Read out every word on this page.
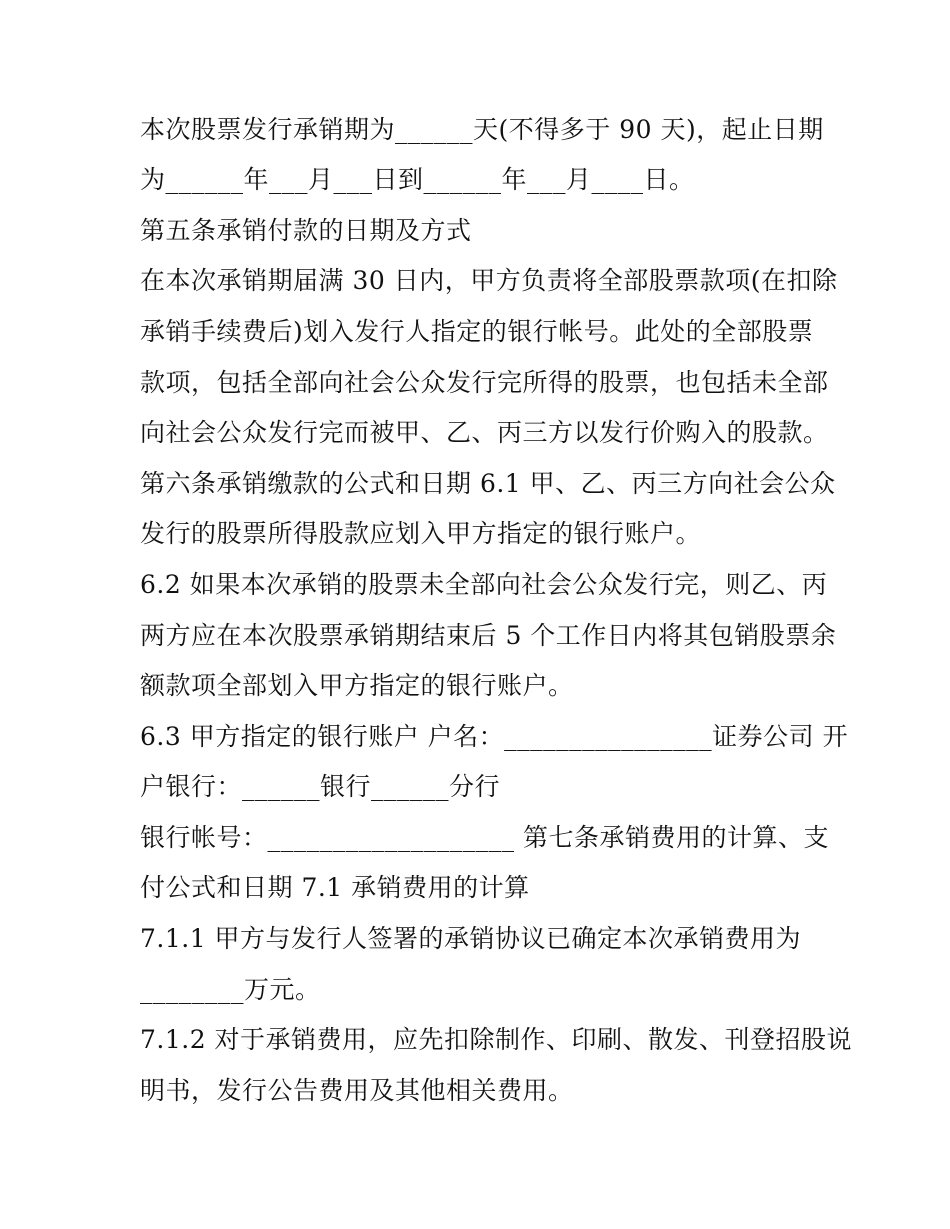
本次股票发行承销期为______天(不得多于 90 天)，起止日期
为______年___月___日到______年___月____日。
第五条承销付款的日期及方式
在本次承销期届满 30 日内，甲方负责将全部股票款项(在扣除
承销手续费后)划入发行人指定的银行帐号。此处的全部股票
款项，包括全部向社会公众发行完所得的股票，也包括未全部
向社会公众发行完而被甲、乙、丙三方以发行价购入的股款。
第六条承销缴款的公式和日期 6.1 甲、乙、丙三方向社会公众
发行的股票所得股款应划入甲方指定的银行账户。
6.2 如果本次承销的股票未全部向社会公众发行完，则乙、丙
两方应在本次股票承销期结束后 5 个工作日内将其包销股票余
额款项全部划入甲方指定的银行账户。
6.3 甲方指定的银行账户 户名：________________证券公司 开
户银行：______银行______分行
银行帐号：___________________ 第七条承销费用的计算、支
付公式和日期 7.1 承销费用的计算
7.1.1 甲方与发行人签署的承销协议已确定本次承销费用为
________万元。
7.1.2 对于承销费用，应先扣除制作、印刷、散发、刊登招股说
明书，发行公告费用及其他相关费用。
